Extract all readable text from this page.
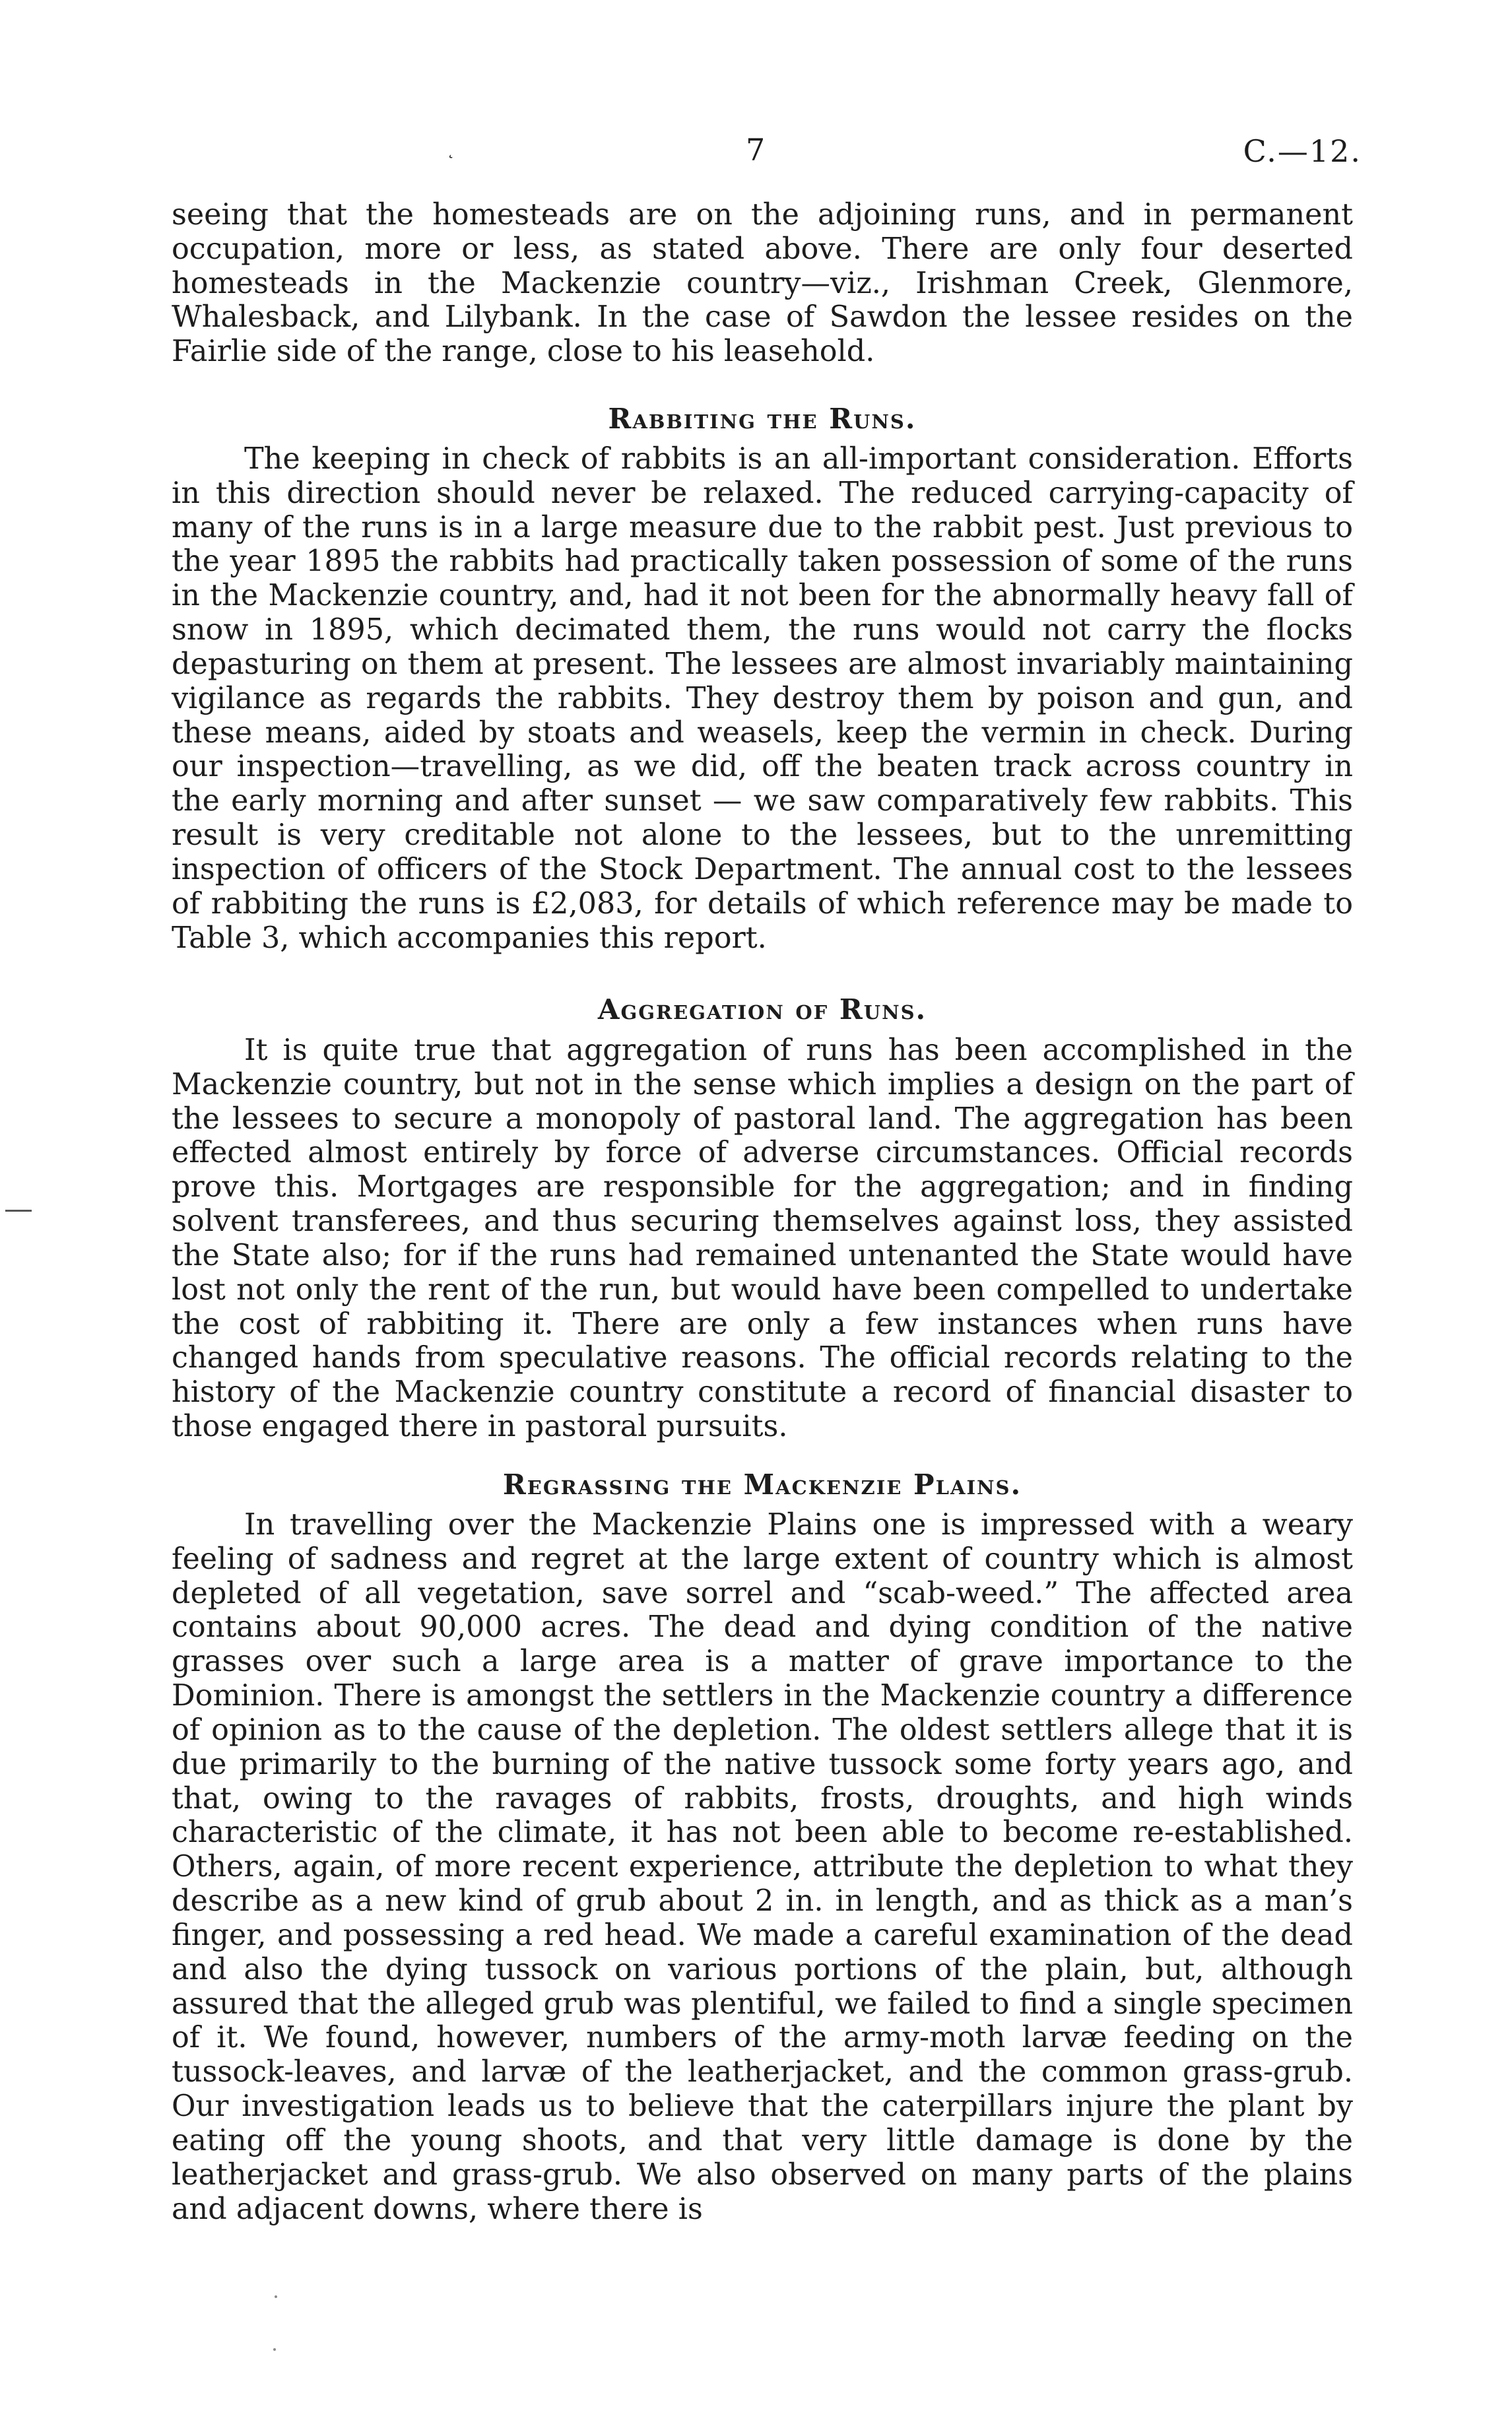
7	C.—12.
˛

seeing that the homesteads are on the adjoining runs, and in permanent occupation, more or less, as stated above. There are only four deserted homesteads in the Mackenzie country—viz., Irishman Creek, Glenmore, Whalesback, and Lilybank. In the case of Sawdon the lessee resides on the Fairlie side of the range, close to his leasehold.

Rabbiting the Runs.

The keeping in check of rabbits is an all-important consideration. Efforts in this direction should never be relaxed. The reduced carrying-capacity of many of the runs is in a large measure due to the rabbit pest. Just previous to the year 1895 the rabbits had practically taken possession of some of the runs in the Mackenzie country, and, had it not been for the abnormally heavy fall of snow in 1895, which decimated them, the runs would not carry the flocks depasturing on them at present. The lessees are almost invariably maintaining vigilance as regards the rabbits. They destroy them by poison and gun, and these means, aided by stoats and weasels, keep the vermin in check. During our inspection—travelling, as we did, off the beaten track across country in the early morning and after sunset — we saw comparatively few rabbits. This result is very creditable not alone to the lessees, but to the unremitting inspection of officers of the Stock Department. The annual cost to the lessees of rabbiting the runs is £2,083, for details of which reference may be made to Table 3, which accompanies this report.

Aggregation of Runs.

It is quite true that aggregation of runs has been accomplished in the Mackenzie country, but not in the sense which implies a design on the part of the lessees to secure a monopoly of pastoral land. The aggregation has been effected almost entirely by force of adverse circumstances. Official records prove this. Mortgages are responsible for the aggregation; and in finding solvent transferees, and thus securing themselves against loss, they assisted the State also; for if the runs had remained untenanted the State would have lost not only the rent of the run, but would have been compelled to undertake the cost of rabbiting it. There are only a few instances when runs have changed hands from speculative reasons. The official records relating to the history of the Mackenzie country constitute a record of financial disaster to those engaged there in pastoral pursuits.

Regrassing the Mackenzie Plains.

In travelling over the Mackenzie Plains one is impressed with a weary feeling of sadness and regret at the large extent of country which is almost depleted of all vegetation, save sorrel and “scab-weed.” The affected area contains about 90,000 acres. The dead and dying condition of the native grasses over such a large area is a matter of grave importance to the Dominion. There is amongst the settlers in the Mackenzie country a difference of opinion as to the cause of the depletion. The oldest settlers allege that it is due primarily to the burning of the native tussock some forty years ago, and that, owing to the ravages of rabbits, frosts, droughts, and high winds characteristic of the climate, it has not been able to become re-established. Others, again, of more recent experience, attribute the depletion to what they describe as a new kind of grub about 2 in. in length, and as thick as a man’s finger, and possessing a red head. We made a careful examination of the dead and also the dying tussock on various portions of the plain, but, although assured that the alleged grub was plentiful, we failed to find a single specimen of it. We found, however, numbers of the army-moth larvæ feeding on the tussock-leaves, and larvæ of the leatherjacket, and the common grass-grub. Our investigation leads us to believe that the caterpillars injure the plant by eating off the young shoots, and that very little damage is done by the leatherjacket and grass-grub. We also observed on many parts of the plains and adjacent downs, where there is
